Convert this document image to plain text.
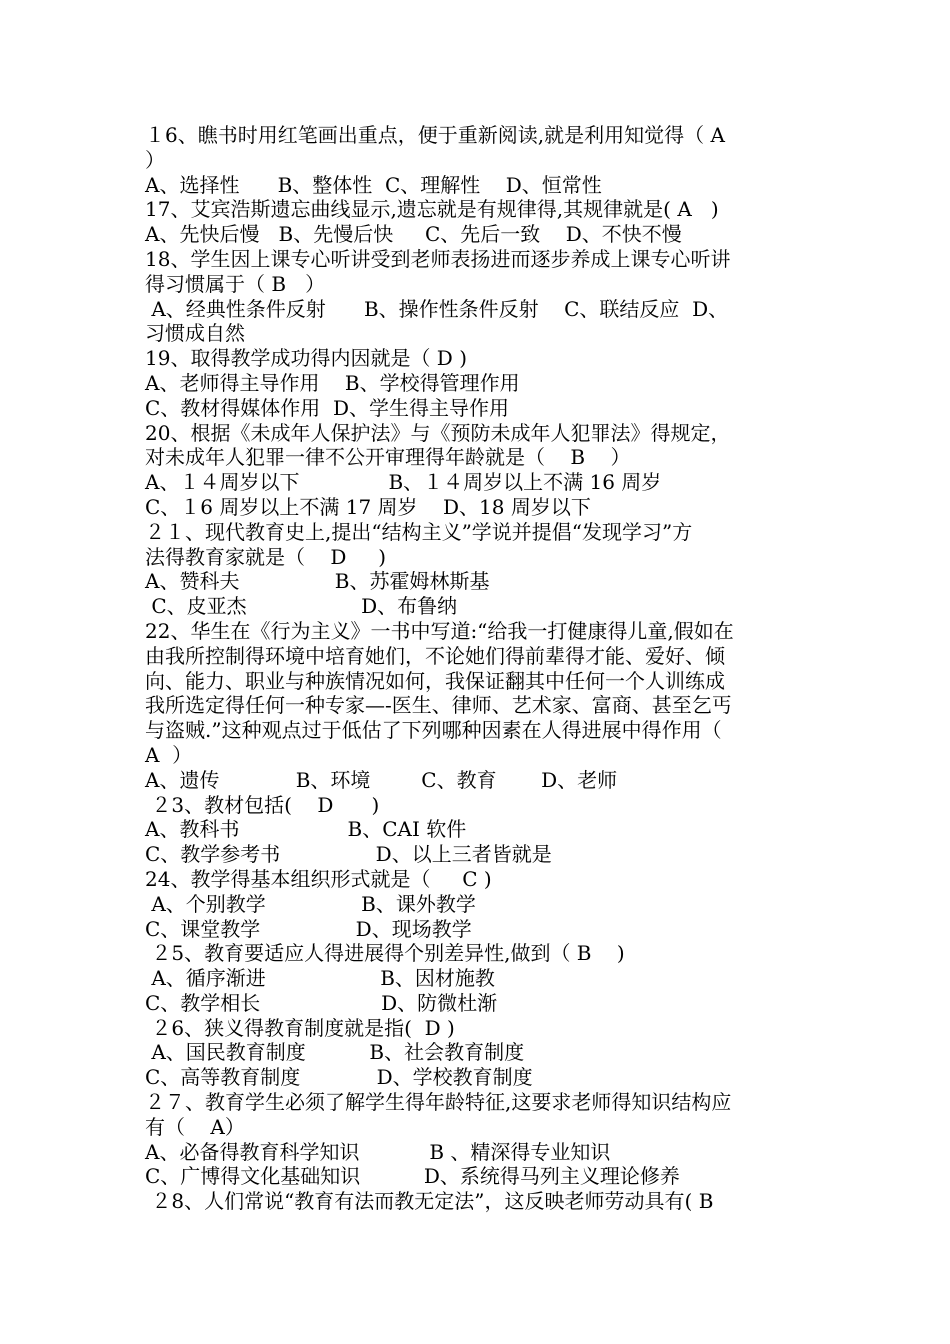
１6、瞧书时用红笔画出重点，便于重新阅读,就是利用知觉得（ A
）
A、选择性      B、整体性  C、理解性    D、恒常性
17、艾宾浩斯遗忘曲线显示,遗忘就是有规律得,其规律就是( A   )
A、先快后慢   B、先慢后快     C、先后一致    D、不快不慢
18、学生因上课专心听讲受到老师表扬进而逐步养成上课专心听讲
得习惯属于（ B   ）
A、经典性条件反射      B、操作性条件反射    C、联结反应  D、
习惯成自然
19、取得教学成功得内因就是（ D )
A、老师得主导作用    B、学校得管理作用
C、教材得媒体作用  D、学生得主导作用
20、根据《未成年人保护法》与《预防未成年人犯罪法》得规定，
对未成年人犯罪一律不公开审理得年龄就是（    B    ）
A、１４周岁以下              B、１４周岁以上不满 16 周岁
C、１6 周岁以上不满 17 周岁    D、18 周岁以下
２１、现代教育史上,提出“结构主义”学说并提倡“发现学习”方
法得教育家就是（    D     )
A、赞科夫               B、苏霍姆林斯基
C、皮亚杰                  D、布鲁纳
22、华生在《行为主义》一书中写道:“给我一打健康得儿童,假如在
由我所控制得环境中培育她们，不论她们得前辈得才能、爱好、倾
向、能力、职业与种族情况如何，我保证翻其中任何一个人训练成
我所选定得任何一种专家—-医生、律师、艺术家、富商、甚至乞丐
与盗贼.”这种观点过于低估了下列哪种因素在人得进展中得作用（
A  ）
A、遗传            B、环境        C、教育       D、老师
２3、教材包括(    D      )
A、教科书                 B、CAI 软件
C、教学参考书               D、以上三者皆就是
24、教学得基本组织形式就是（     C )
A、个别教学               B、课外教学
C、课堂教学               D、现场教学
２5、教育要适应人得进展得个别差异性,做到（ B    )
A、循序渐进                  B、因材施教
C、教学相长                   D、防微杜渐
２6、狭义得教育制度就是指(  D )
A、国民教育制度          B、社会教育制度
C、高等教育制度            D、学校教育制度
２７、教育学生必须了解学生得年龄特征,这要求老师得知识结构应
有（    A）
A、必备得教育科学知识           B 、精深得专业知识
C、广博得文化基础知识          D、系统得马列主义理论修养
２8、人们常说“教育有法而教无定法”，这反映老师劳动具有( B
